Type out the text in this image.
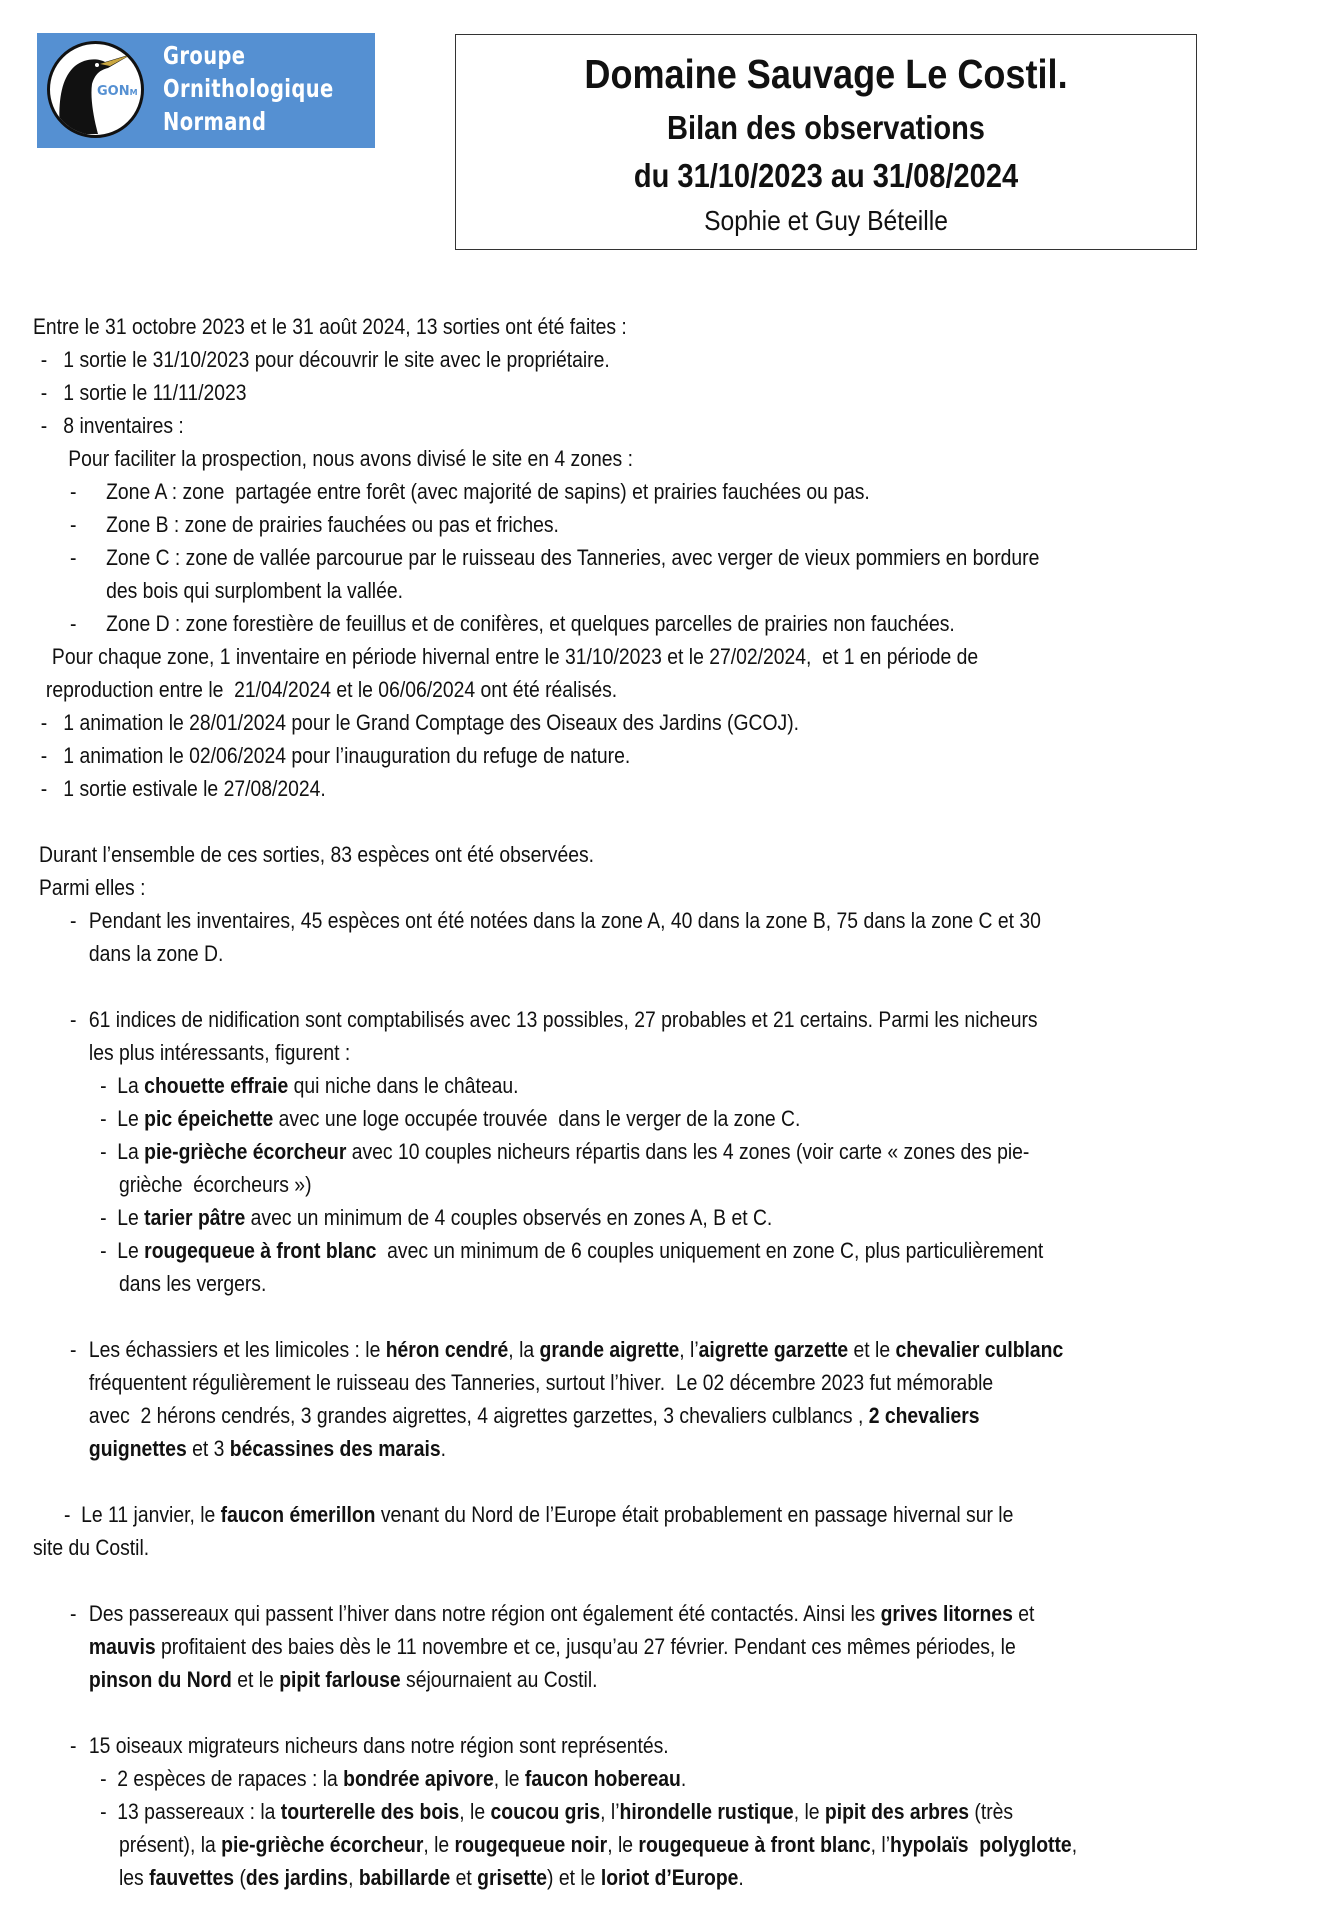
GONM
Groupe
Ornithologique
Normand
Domaine Sauvage Le Costil.
Bilan des observations
du 31/10/2023 au 31/08/2024
Sophie et Guy Béteille
Entre le 31 octobre 2023 et le 31 août 2024, 13 sorties ont été faites :
-   1 sortie le 31/10/2023 pour découvrir le site avec le propriétaire.
-   1 sortie le 11/11/2023
-   8 inventaires :
Pour faciliter la prospection, nous avons divisé le site en 4 zones :
- Zone A : zone  partagée entre forêt (avec majorité de sapins) et prairies fauchées ou pas.
- Zone B : zone de prairies fauchées ou pas et friches.
- Zone C : zone de vallée parcourue par le ruisseau des Tanneries, avec verger de vieux pommiers en bordure
des bois qui surplombent la vallée.
- Zone D : zone forestière de feuillus et de conifères, et quelques parcelles de prairies non fauchées.
Pour chaque zone, 1 inventaire en période hivernal entre le 31/10/2023 et le 27/02/2024,  et 1 en période de
reproduction entre le  21/04/2024 et le 06/06/2024 ont été réalisés.
-   1 animation le 28/01/2024 pour le Grand Comptage des Oiseaux des Jardins (GCOJ).
-   1 animation le 02/06/2024 pour l’inauguration du refuge de nature.
-   1 sortie estivale le 27/08/2024.
Durant l’ensemble de ces sorties, 83 espèces ont été observées.
Parmi elles :
- Pendant les inventaires, 45 espèces ont été notées dans la zone A, 40 dans la zone B, 75 dans la zone C et 30
dans la zone D.
- 61 indices de nidification sont comptabilisés avec 13 possibles, 27 probables et 21 certains. Parmi les nicheurs
les plus intéressants, figurent :
-  La chouette effraie qui niche dans le château.
-  Le pic épeichette avec une loge occupée trouvée  dans le verger de la zone C.
-  La pie-grièche écorcheur avec 10 couples nicheurs répartis dans les 4 zones (voir carte « zones des pie-
grièche  écorcheurs »)
-  Le tarier pâtre avec un minimum de 4 couples observés en zones A, B et C.
-  Le rougequeue à front blanc  avec un minimum de 6 couples uniquement en zone C, plus particulièrement
dans les vergers.
- Les échassiers et les limicoles : le héron cendré, la grande aigrette, l’aigrette garzette et le chevalier culblanc
fréquentent régulièrement le ruisseau des Tanneries, surtout l’hiver.  Le 02 décembre 2023 fut mémorable
avec  2 hérons cendrés, 3 grandes aigrettes, 4 aigrettes garzettes, 3 chevaliers culblancs , 2 chevaliers
guignettes et 3 bécassines des marais.
-  Le 11 janvier, le faucon émerillon venant du Nord de l’Europe était probablement en passage hivernal sur le
site du Costil.
- Des passereaux qui passent l’hiver dans notre région ont également été contactés. Ainsi les grives litornes et
mauvis profitaient des baies dès le 11 novembre et ce, jusqu’au 27 février. Pendant ces mêmes périodes, le
pinson du Nord et le pipit farlouse séjournaient au Costil.
- 15 oiseaux migrateurs nicheurs dans notre région sont représentés.
-  2 espèces de rapaces : la bondrée apivore, le faucon hobereau.
-  13 passereaux : la tourterelle des bois, le coucou gris, l’hirondelle rustique, le pipit des arbres (très
présent), la pie-grièche écorcheur, le rougequeue noir, le rougequeue à front blanc, l’hypolaïs  polyglotte,
les fauvettes (des jardins, babillarde et grisette) et le loriot d’Europe.
